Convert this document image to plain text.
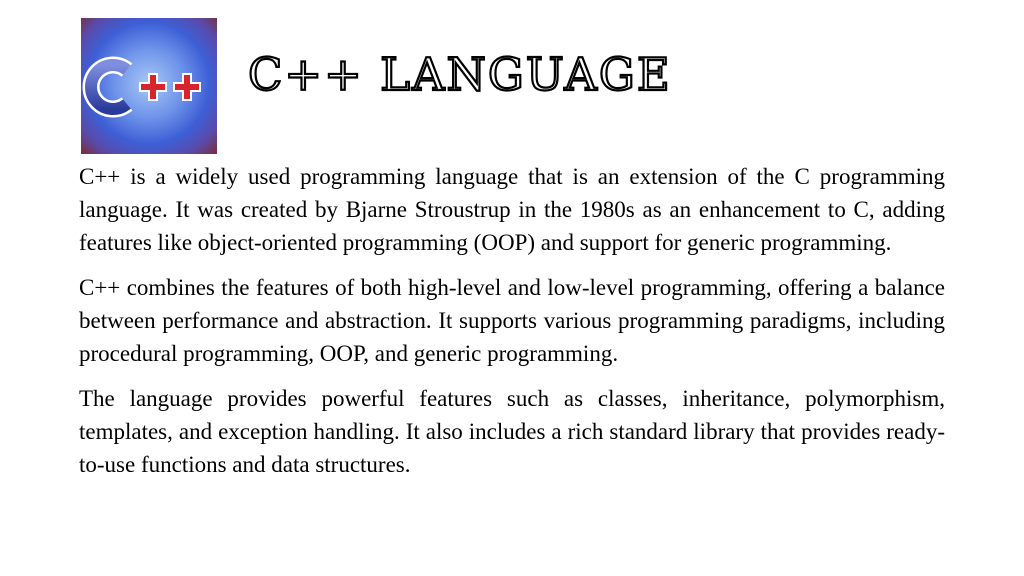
C++ LANGUAGE

C++ is a widely used programming language that is an extension of the C programming language. It was created by Bjarne Stroustrup in the 1980s as an enhancement to C, adding features like object-oriented programming (OOP) and support for generic programming.

C++ combines the features of both high-level and low-level programming, offering a balance between performance and abstraction. It supports various programming paradigms, including procedural programming, OOP, and generic programming.

The language provides powerful features such as classes, inheritance, polymorphism, templates, and exception handling. It also includes a rich standard library that provides ready-to-use functions and data structures.
